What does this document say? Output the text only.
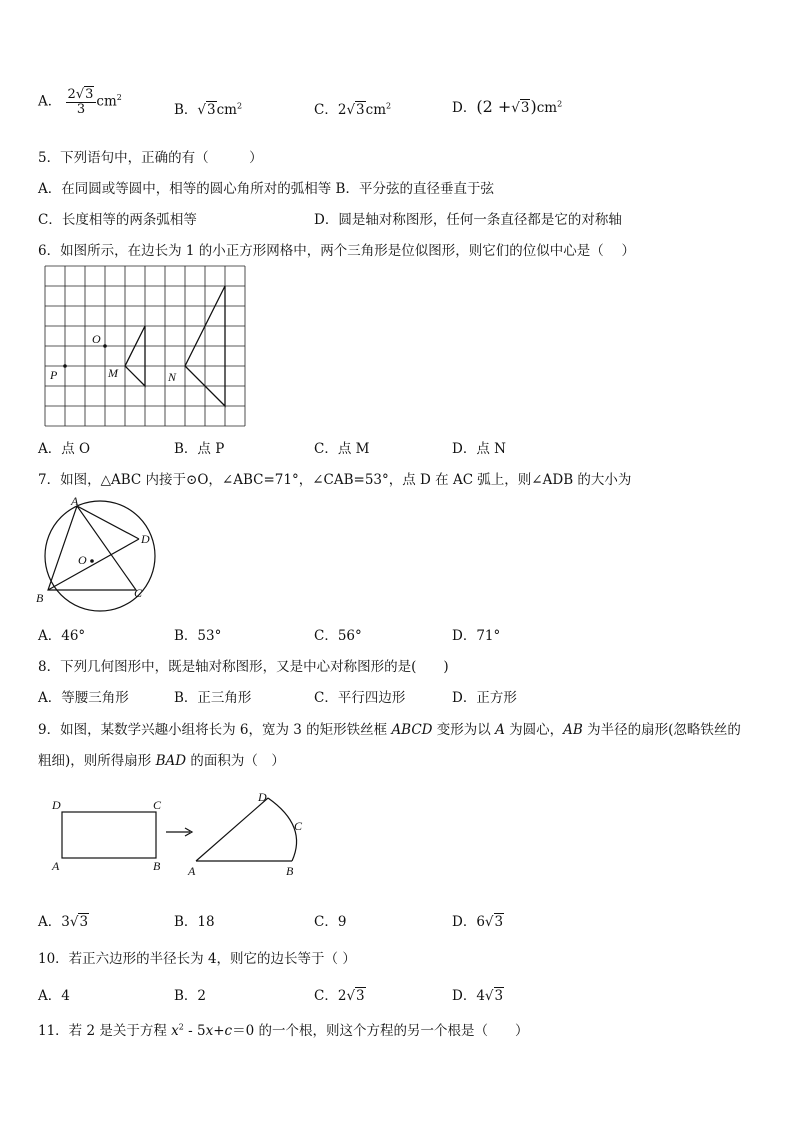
A． $\frac{2√3}{3} cm^2$
B．$√3cm^2$	C．$2√3cm^2$	D．$(2 +√3)cm^2$
5．下列语句中，正确的有（　　　）
A．在同圆或等圆中，相等的圆心角所对的弧相等 B．平分弦的直径垂直于弦
C．长度相等的两条弧相等	D．圆是轴对称图形，任何一条直径都是它的对称轴
6．如图所示，在边长为 1 的小正方形网格中，两个三角形是位似图形，则它们的位似中心是（　 ）
O
P	M	N
A．点 O	B．点 P	C．点 M	D．点 N
7．如图，△ABC 内接于⊙O，∠ABC=71°，∠CAB=53°，点 D 在 AC 弧上，则∠ADB 的大小为
A
D
O
B	C
A．46°	B．53°	C．56°	D．71°
8．下列几何图形中，既是轴对称图形，又是中心对称图形的是(　　)
A．等腰三角形	B．正三角形	C．平行四边形	D．正方形
9．如图，某数学兴趣小组将长为 6，宽为 3 的矩形铁丝框 ABCD 变形为以 A 为圆心，AB 为半径的扇形(忽略铁丝的
粗细)，则所得扇形 BAD 的面积为（　）
D	C
A	B
D
C
A	B
A．3√3	B．18	C．9	D．6√3
10．若正六边形的半径长为 4，则它的边长等于（ ）
A．4	B．2	C．2√3	D．4√3
11．若 2 是关于方程 $x^2 - 5x+c=0$ 的一个根，则这个方程的另一个根是（　　）
